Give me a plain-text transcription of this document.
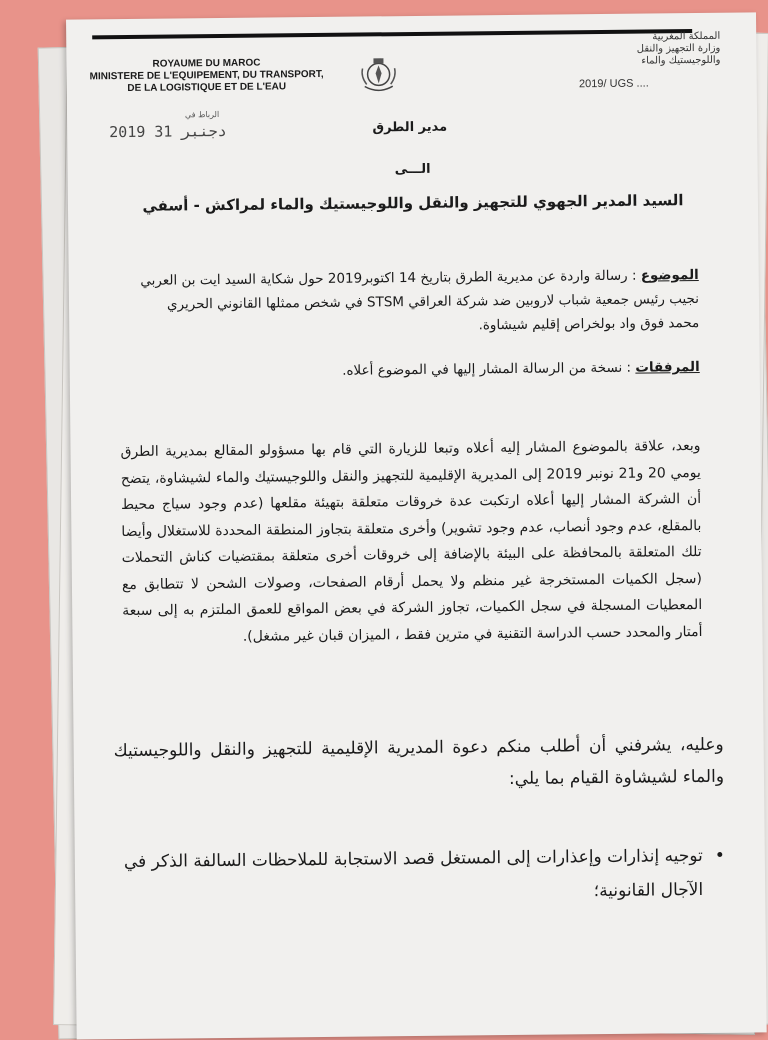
ROYAUME DU MAROC
MINISTERE DE L'EQUIPEMENT, DU TRANSPORT,
DE LA LOGISTIQUE ET DE L'EAU
المملكة المغربية
وزارة التجهيز والنقل
واللوجيستيك والماء
2019/ UGS ....
الرباط في
2019 دجنبر 31	مدير الطرق
الـــى
السيد المدير الجهوي للتجهيز والنقل واللوجيستيك والماء لمراكش - أسفي
الموضوع : رسالة واردة عن مديرية الطرق بتاريخ 14 اكتوبر2019 حول شكاية السيد ايت بن العربي نجيب رئيس جمعية شباب لاروبين ضد شركة العراقي STSM في شخص ممثلها القانوني الحريري محمد فوق واد بولخراص إقليم شيشاوة.
المرفقات : نسخة من الرسالة المشار إليها في الموضوع أعلاه.
وبعد، علاقة بالموضوع المشار إليه أعلاه وتبعا للزيارة التي قام بها مسؤولو المقالع بمديرية الطرق يومي 20 و21 نونبر 2019 إلى المديرية الإقليمية للتجهيز والنقل واللوجيستيك والماء لشيشاوة، يتضح أن الشركة المشار إليها أعلاه ارتكبت عدة خروقات متعلقة بتهيئة مقلعها (عدم وجود سياج محيط بالمقلع، عدم وجود أنصاب، عدم وجود تشوير) وأخرى متعلقة بتجاوز المنطقة المحددة للاستغلال وأيضا تلك المتعلقة بالمحافظة على البيئة بالإضافة إلى خروقات أخرى متعلقة بمقتضيات كناش التحملات (سجل الكميات المستخرجة غير منظم ولا يحمل أرقام الصفحات، وصولات الشحن لا تتطابق مع المعطيات المسجلة في سجل الكميات، تجاوز الشركة في بعض المواقع للعمق الملتزم به إلى سبعة أمتار والمحدد حسب الدراسة التقنية في مترين فقط ، الميزان قبان غير مشغل).
وعليه، يشرفني أن أطلب منكم دعوة المديرية الإقليمية للتجهيز والنقل واللوجيستيك والماء لشيشاوة القيام بما يلي:
•
توجيه إنذارات وإعذارات إلى المستغل قصد الاستجابة للملاحظات السالفة الذكر في الآجال القانونية؛
